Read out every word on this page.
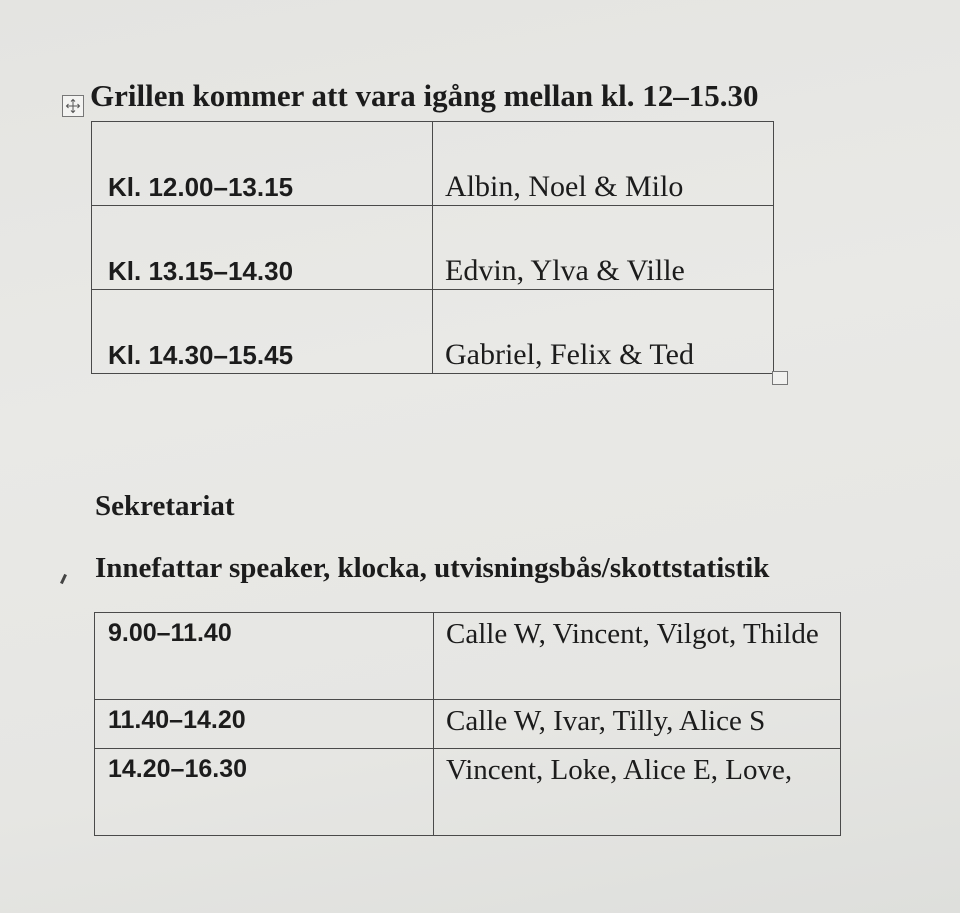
Grillen kommer att vara igång mellan kl. 12–15.30
Kl. 12.00–13.15	Albin, Noel & Milo
Kl. 13.15–14.30	Edvin, Ylva & Ville
Kl. 14.30–15.45	Gabriel, Felix & Ted
Sekretariat
Innefattar speaker, klocka, utvisningsbås/skottstatistik
9.00–11.40	Calle W, Vincent, Vilgot, Thilde
11.40–14.20	Calle W, Ivar, Tilly, Alice S
14.20–16.30	Vincent, Loke, Alice E, Love,
